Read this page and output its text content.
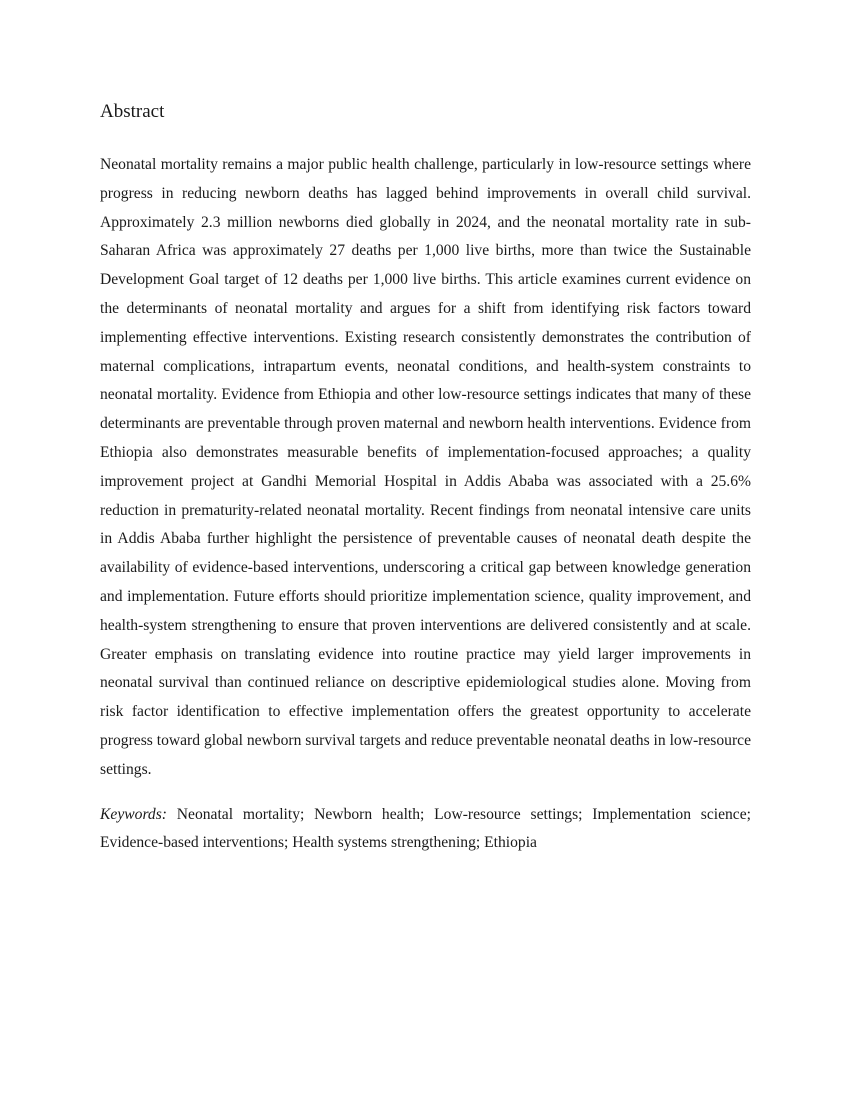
Abstract

Neonatal mortality remains a major public health challenge, particularly in low-resource settings where progress in reducing newborn deaths has lagged behind improvements in overall child survival. Approximately 2.3 million newborns died globally in 2024, and the neonatal mortality rate in sub-Saharan Africa was approximately 27 deaths per 1,000 live births, more than twice the Sustainable Development Goal target of 12 deaths per 1,000 live births. This article examines current evidence on the determinants of neonatal mortality and argues for a shift from identifying risk factors toward implementing effective interventions. Existing research consistently demonstrates the contribution of maternal complications, intrapartum events, neonatal conditions, and health-system constraints to neonatal mortality. Evidence from Ethiopia and other low-resource settings indicates that many of these determinants are preventable through proven maternal and newborn health interventions. Evidence from Ethiopia also demonstrates measurable benefits of implementation-focused approaches; a quality improvement project at Gandhi Memorial Hospital in Addis Ababa was associated with a 25.6% reduction in prematurity-related neonatal mortality. Recent findings from neonatal intensive care units in Addis Ababa further highlight the persistence of preventable causes of neonatal death despite the availability of evidence-based interventions, underscoring a critical gap between knowledge generation and implementation. Future efforts should prioritize implementation science, quality improvement, and health-system strengthening to ensure that proven interventions are delivered consistently and at scale. Greater emphasis on translating evidence into routine practice may yield larger improvements in neonatal survival than continued reliance on descriptive epidemiological studies alone. Moving from risk factor identification to effective implementation offers the greatest opportunity to accelerate progress toward global newborn survival targets and reduce preventable neonatal deaths in low-resource settings.

Keywords: Neonatal mortality; Newborn health; Low-resource settings; Implementation science; Evidence-based interventions; Health systems strengthening; Ethiopia
